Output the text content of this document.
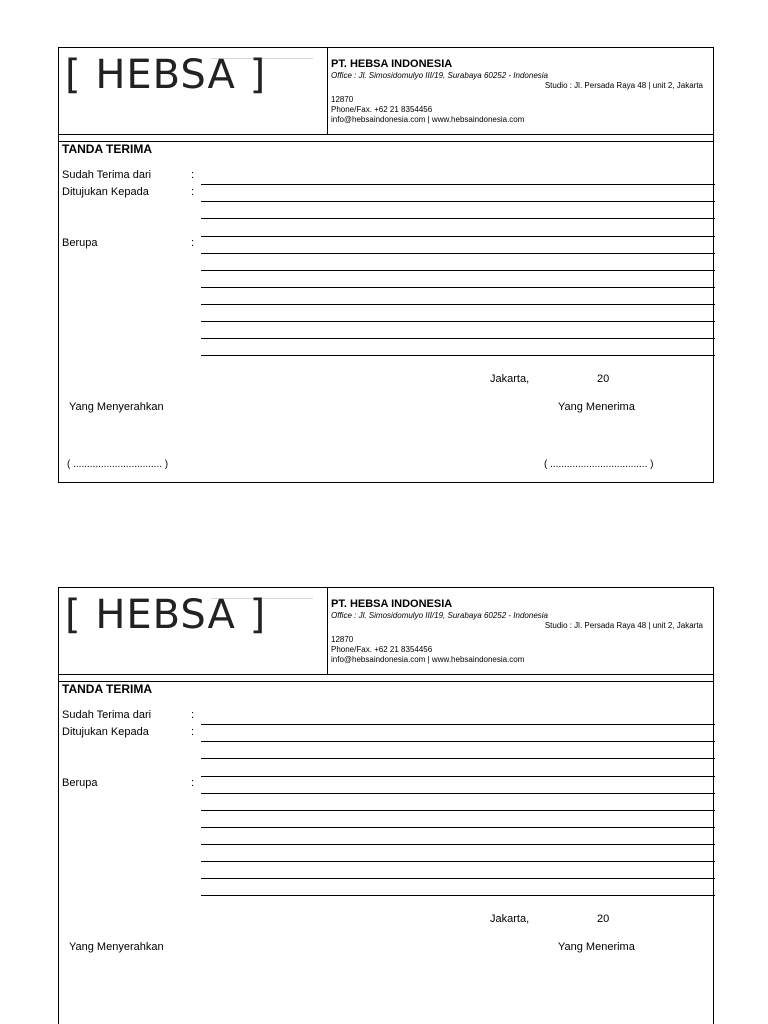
[ HEBSA ]	PT. HEBSA INDONESIA
Office : Jl. Simosidomulyo III/19, Surabaya 60252 - Indonesia
Studio : Jl. Persada Raya 48 | unit 2, Jakarta
12870
Phone/Fax. +62 21 8354456
info@hebsaindonesia.com | www.hebsaindonesia.com
TANDA TERIMA
Sudah Terima dari	:
Ditujukan Kepada	:
Berupa	:
Jakarta,	20
Yang Menyerahkan	Yang Menerima
( ................................ )	( ................................... )
[ HEBSA ]	PT. HEBSA INDONESIA
Office : Jl. Simosidomulyo III/19, Surabaya 60252 - Indonesia
Studio : Jl. Persada Raya 48 | unit 2, Jakarta
12870
Phone/Fax. +62 21 8354456
info@hebsaindonesia.com | www.hebsaindonesia.com
TANDA TERIMA
Sudah Terima dari	:
Ditujukan Kepada	:
Berupa	:
Jakarta,	20
Yang Menyerahkan	Yang Menerima
